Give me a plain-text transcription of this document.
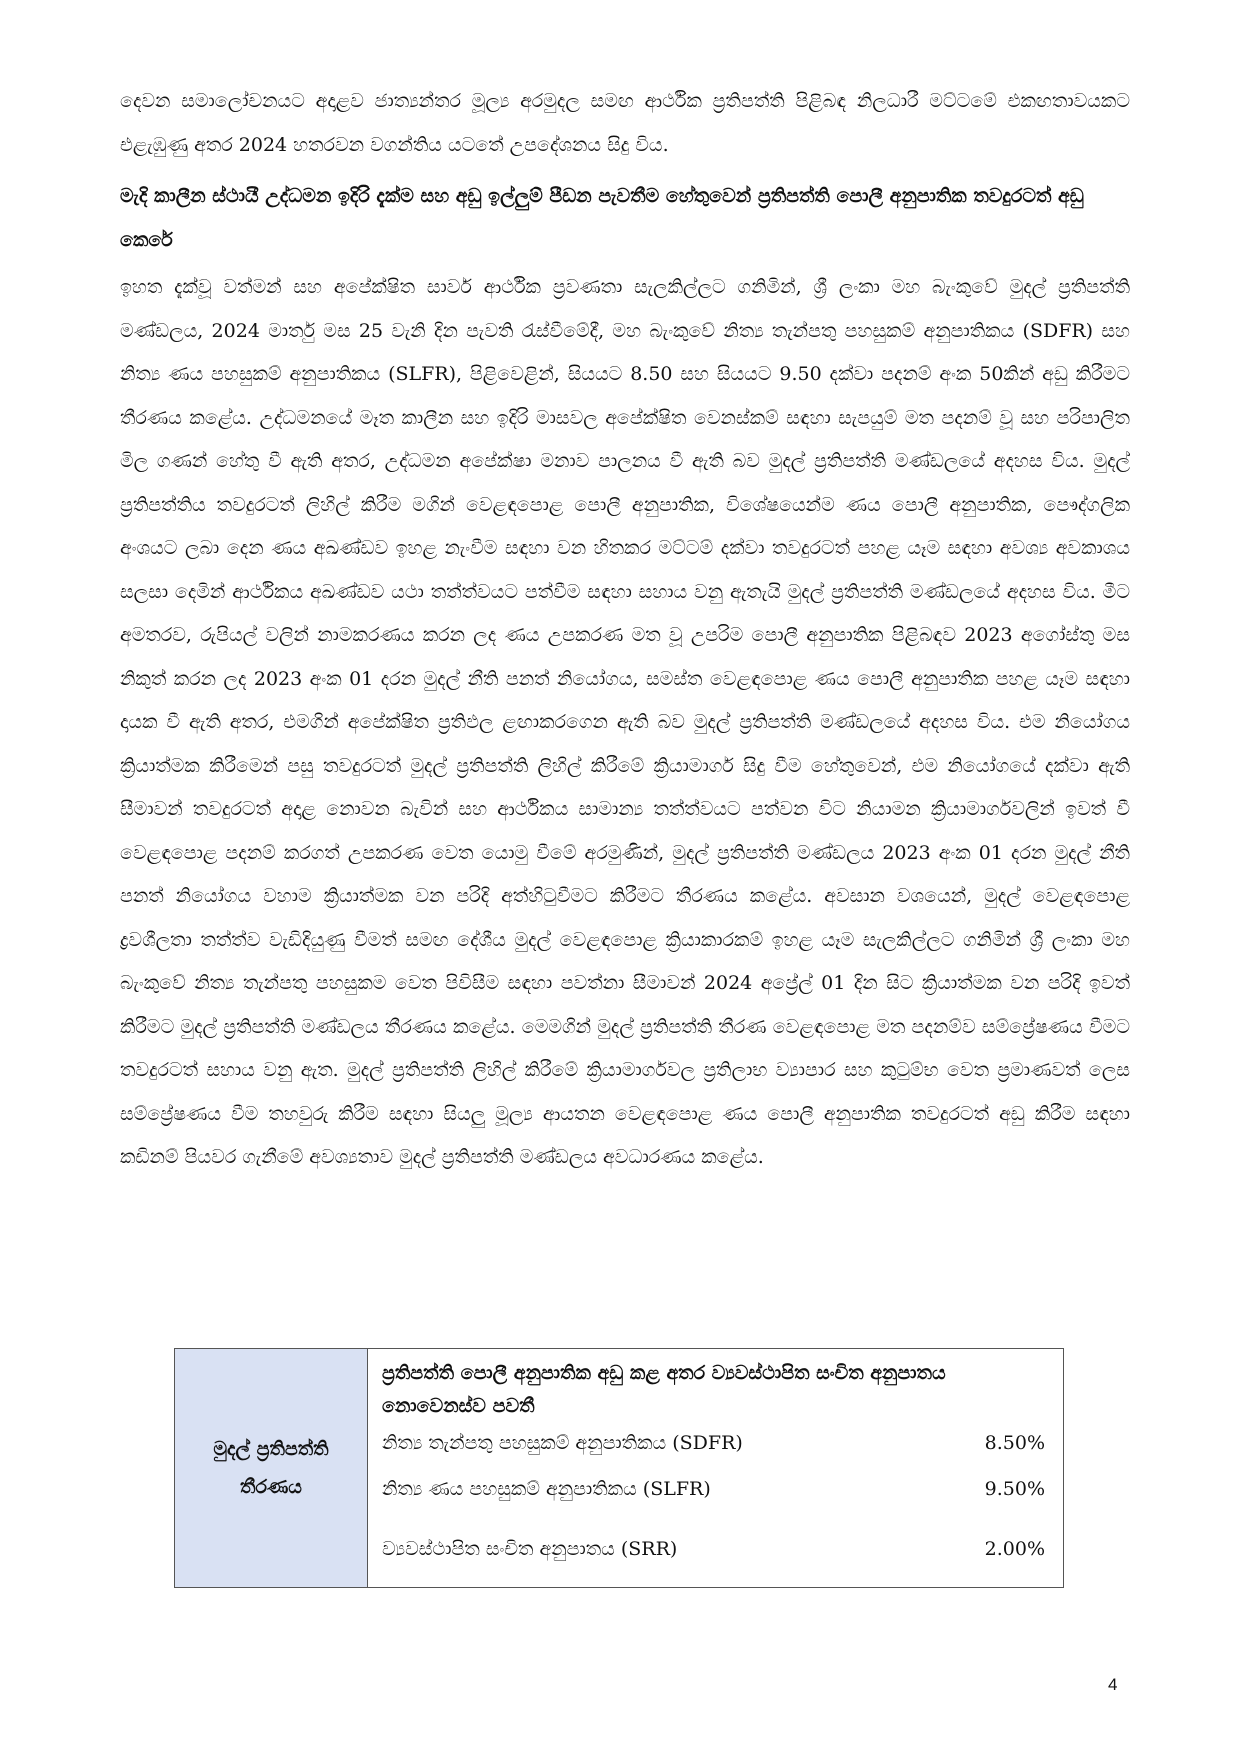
දෙවන සමාලෝචනයට අදාළව ජාත්‍යන්තර මූල්‍ය අරමුදල සමඟ ආර්ථික ප්‍රතිපත්ති පිළිබඳ නිලධාරී මට්ටමේ එකඟතාවයකට එළැඹුණු අතර 2024 හතරවන වගන්තිය යටතේ උපදේශනය සිදු විය.

මැදි කාලීන ස්ථායී උද්ධමන ඉදිරි දැක්ම සහ අඩු ඉල්ලුම් පීඩන පැවතීම හේතුවෙන් ප්‍රතිපත්ති පොලී අනුපාතික තවදුරටත් අඩු කෙරේ

ඉහත දැක්වූ වත්මන් සහ අපේක්ෂිත සාර්ව ආර්ථික ප්‍රවණතා සැලකිල්ලට ගනිමින්, ශ්‍රී ලංකා මහ බැංකුවේ මුදල් ප්‍රතිපත්ති මණ්ඩලය, 2024 මාර්තු මස 25 වැනි දින පැවති රැස්වීමේදී, මහ බැංකුවේ නිත්‍ය තැන්පතු පහසුකම් අනුපාතිකය (SDFR) සහ නිත්‍ය ණය පහසුකම් අනුපාතිකය (SLFR), පිළිවෙළින්, සියයට 8.50 සහ සියයට 9.50 දක්වා පදනම් අංක 50කින් අඩු කිරීමට තීරණය කළේය. උද්ධමනයේ මෑත කාලීන සහ ඉදිරි මාසවල අපේක්ෂිත වෙනස්කම් සඳහා සැපයුම් මත පදනම් වූ සහ පරිපාලිත මිල ගණන් හේතු වී ඇති අතර, උද්ධමන අපේක්ෂා මනාව පාලනය වී ඇති බව මුදල් ප්‍රතිපත්ති මණ්ඩලයේ අදහස විය. මුදල් ප්‍රතිපත්තිය තවදුරටත් ලිහිල් කිරීම මගින් වෙළඳපොළ පොලී අනුපාතික, විශේෂයෙන්ම ණය පොලී අනුපාතික, පෞද්ගලික අංශයට ලබා දෙන ණය අඛණ්ඩව ඉහළ නැංවීම සඳහා වන හිතකර මට්ටම් දක්වා තවදුරටත් පහළ යෑම සඳහා අවශ්‍ය අවකාශය සලසා දෙමින් ආර්ථිකය අඛණ්ඩව යථා තත්ත්වයට පත්වීම සඳහා සහාය වනු ඇතැයි මුදල් ප්‍රතිපත්ති මණ්ඩලයේ අදහස විය. මීට අමතරව, රුපියල් වලින් නාමකරණය කරන ලද ණය උපකරණ මත වූ උපරිම පොලී අනුපාතික පිළිබඳව 2023 අගෝස්තු මස නිකුත් කරන ලද 2023 අංක 01 දරන මුදල් නීති පනත් නියෝගය, සමස්ත වෙළඳපොළ ණය පොලී අනුපාතික පහළ යෑම සඳහා දායක වී ඇති අතර, එමගින් අපේක්ෂිත ප්‍රතිඵල ළඟාකරගෙන ඇති බව මුදල් ප්‍රතිපත්ති මණ්ඩලයේ අදහස විය. එම නියෝගය ක්‍රියාත්මක කිරීමෙන් පසු තවදුරටත් මුදල් ප්‍රතිපත්ති ලිහිල් කිරීමේ ක්‍රියාමාර්ග සිදු වීම හේතුවෙන්, එම නියෝගයේ දක්වා ඇති සීමාවන් තවදුරටත් අදාළ නොවන බැවින් සහ ආර්ථිකය සාමාන්‍ය තත්ත්වයට පත්වන විට නියාමන ක්‍රියාමාර්ගවලින් ඉවත් වී වෙළඳපොළ පදනම් කරගත් උපකරණ වෙත යොමු වීමේ අරමුණින්, මුදල් ප්‍රතිපත්ති මණ්ඩලය 2023 අංක 01 දරන මුදල් නීති පනත් නියෝගය වහාම ක්‍රියාත්මක වන පරිදි අත්හිටුවීමට කිරීමට තීරණය කළේය. අවසාන වශයෙන්, මුදල් වෙළඳපොළ ද්‍රවශීලතා තත්ත්ව වැඩිදියුණු වීමත් සමඟ දේශීය මුදල් වෙළඳපොළ ක්‍රියාකාරකම් ඉහළ යෑම සැලකිල්ලට ගනිමින් ශ්‍රී ලංකා මහ බැංකුවේ නිත්‍ය තැන්පතු පහසුකම වෙත පිවිසීම සඳහා පවත්නා සීමාවන් 2024 අප්‍රේල් 01 දින සිට ක්‍රියාත්මක වන පරිදි ඉවත් කිරීමට මුදල් ප්‍රතිපත්ති මණ්ඩලය තීරණය කළේය. මෙමගින් මුදල් ප්‍රතිපත්ති තීරණ වෙළඳපොළ මත පදනම්ව සම්ප්‍රේෂණය වීමට තවදුරටත් සහාය වනු ඇත. මුදල් ප්‍රතිපත්ති ලිහිල් කිරීමේ ක්‍රියාමාර්ගවල ප්‍රතිලාභ ව්‍යාපාර සහ කුටුම්භ වෙත ප්‍රමාණවත් ලෙස සම්ප්‍රේෂණය වීම තහවුරු කිරීම සඳහා සියලු මූල්‍ය ආයතන වෙළඳපොළ ණය පොලී අනුපාතික තවදුරටත් අඩු කිරීම සඳහා කඩිනම් පියවර ගැනීමේ අවශ්‍යතාව මුදල් ප්‍රතිපත්ති මණ්ඩලය අවධාරණය කළේය.

මුදල් ප්‍රතිපත්ති තීරණය

ප්‍රතිපත්ති පොලී අනුපාතික අඩු කළ අතර ව්‍යවස්ථාපිත සංචිත අනුපාතය නොවෙනස්ව පවතී

නිත්‍ය තැන්පතු පහසුකම් අනුපාතිකය (SDFR)	8.50%
නිත්‍ය ණය පහසුකම් අනුපාතිකය (SLFR)	9.50%
ව්‍යවස්ථාපිත සංචිත අනුපාතය (SRR)	2.00%
4
